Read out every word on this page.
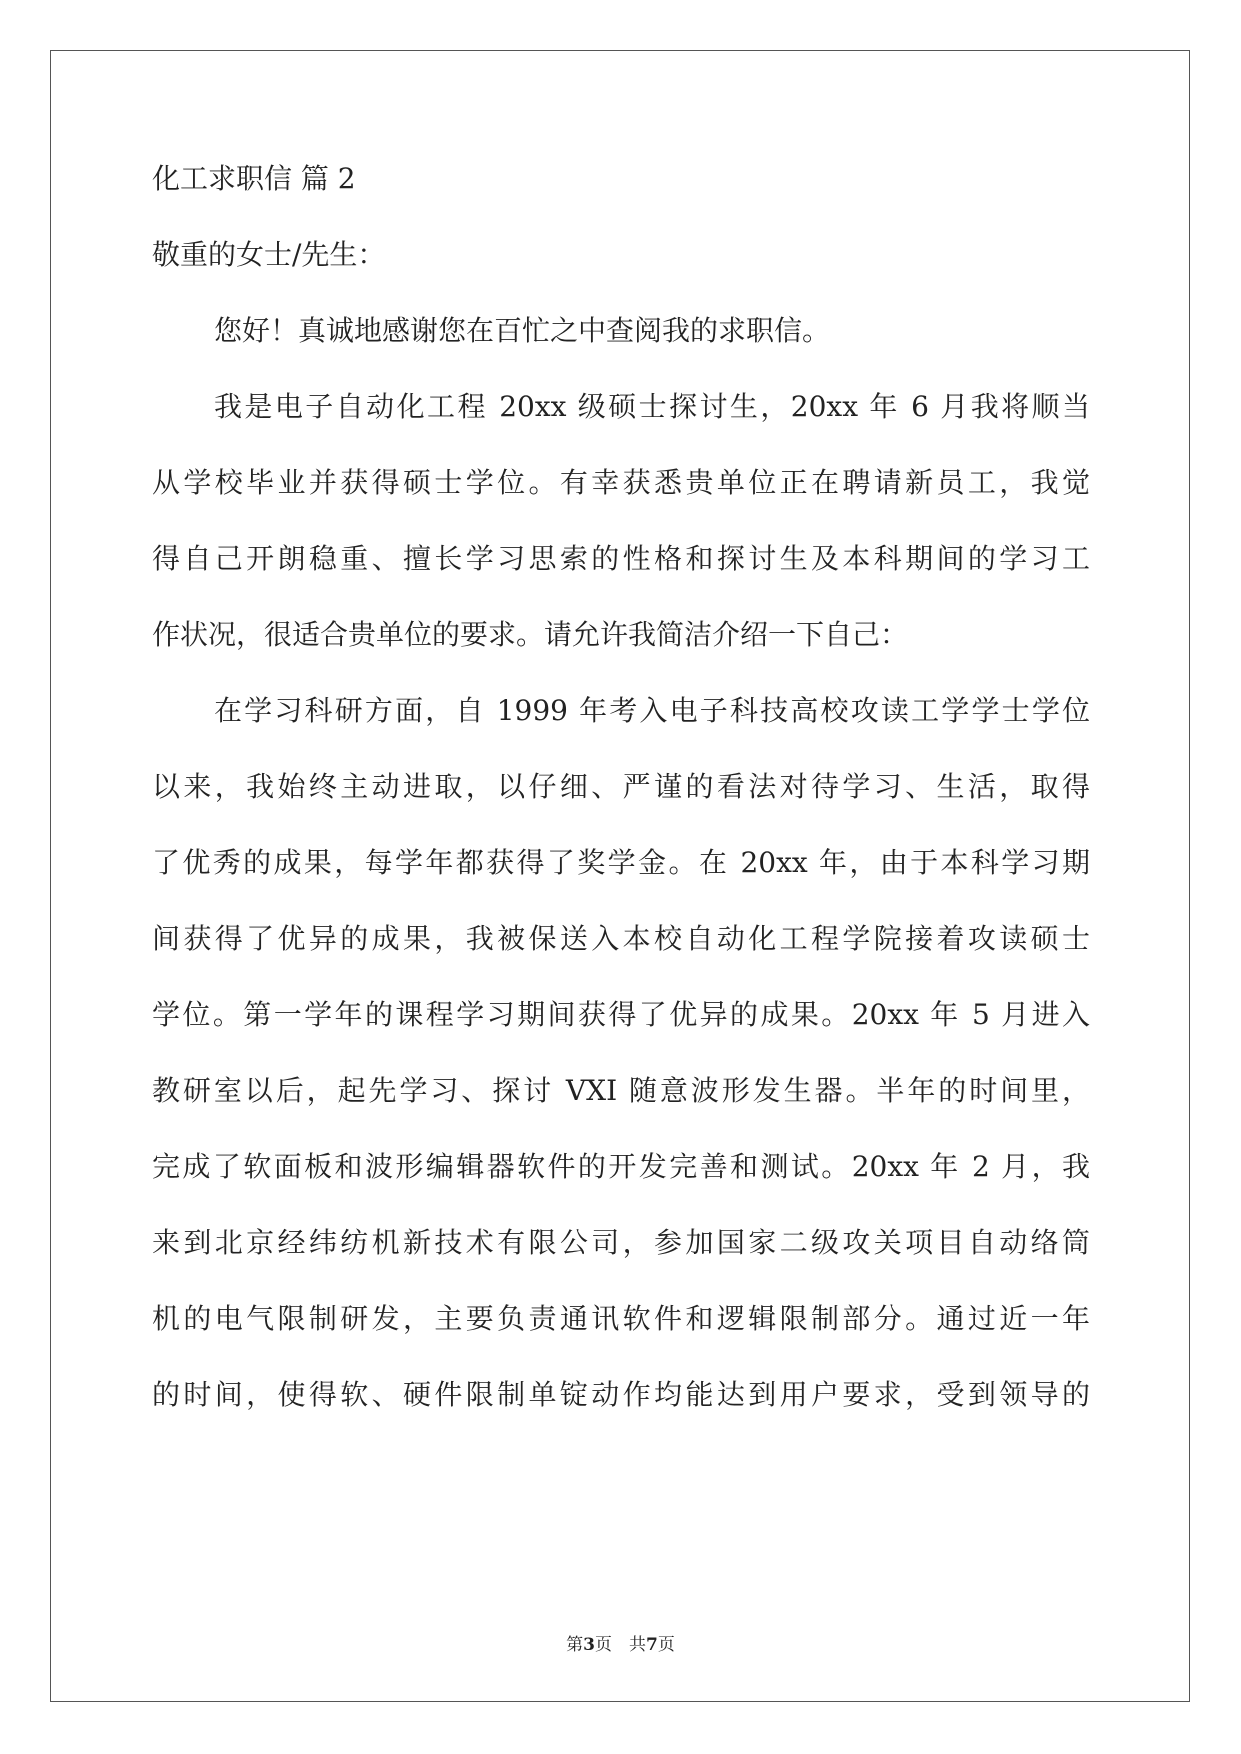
化工求职信 篇 2

敬重的女士/先生：

您好！真诚地感谢您在百忙之中查阅我的求职信。

我是电子自动化工程 20xx 级硕士探讨生，20xx 年 6 月我将顺当

从学校毕业并获得硕士学位。有幸获悉贵单位正在聘请新员工，我觉

得自己开朗稳重、擅长学习思索的性格和探讨生及本科期间的学习工

作状况，很适合贵单位的要求。请允许我简洁介绍一下自己：

在学习科研方面，自 1999 年考入电子科技高校攻读工学学士学位

以来，我始终主动进取，以仔细、严谨的看法对待学习、生活，取得

了优秀的成果，每学年都获得了奖学金。在 20xx 年，由于本科学习期

间获得了优异的成果，我被保送入本校自动化工程学院接着攻读硕士

学位。第一学年的课程学习期间获得了优异的成果。20xx 年 5 月进入

教研室以后，起先学习、探讨 VXI 随意波形发生器。半年的时间里，

完成了软面板和波形编辑器软件的开发完善和测试。20xx 年 2 月，我

来到北京经纬纺机新技术有限公司，参加国家二级攻关项目自动络筒

机的电气限制研发，主要负责通讯软件和逻辑限制部分。通过近一年

的时间，使得软、硬件限制单锭动作均能达到用户要求，受到领导的

第3页　共7页
